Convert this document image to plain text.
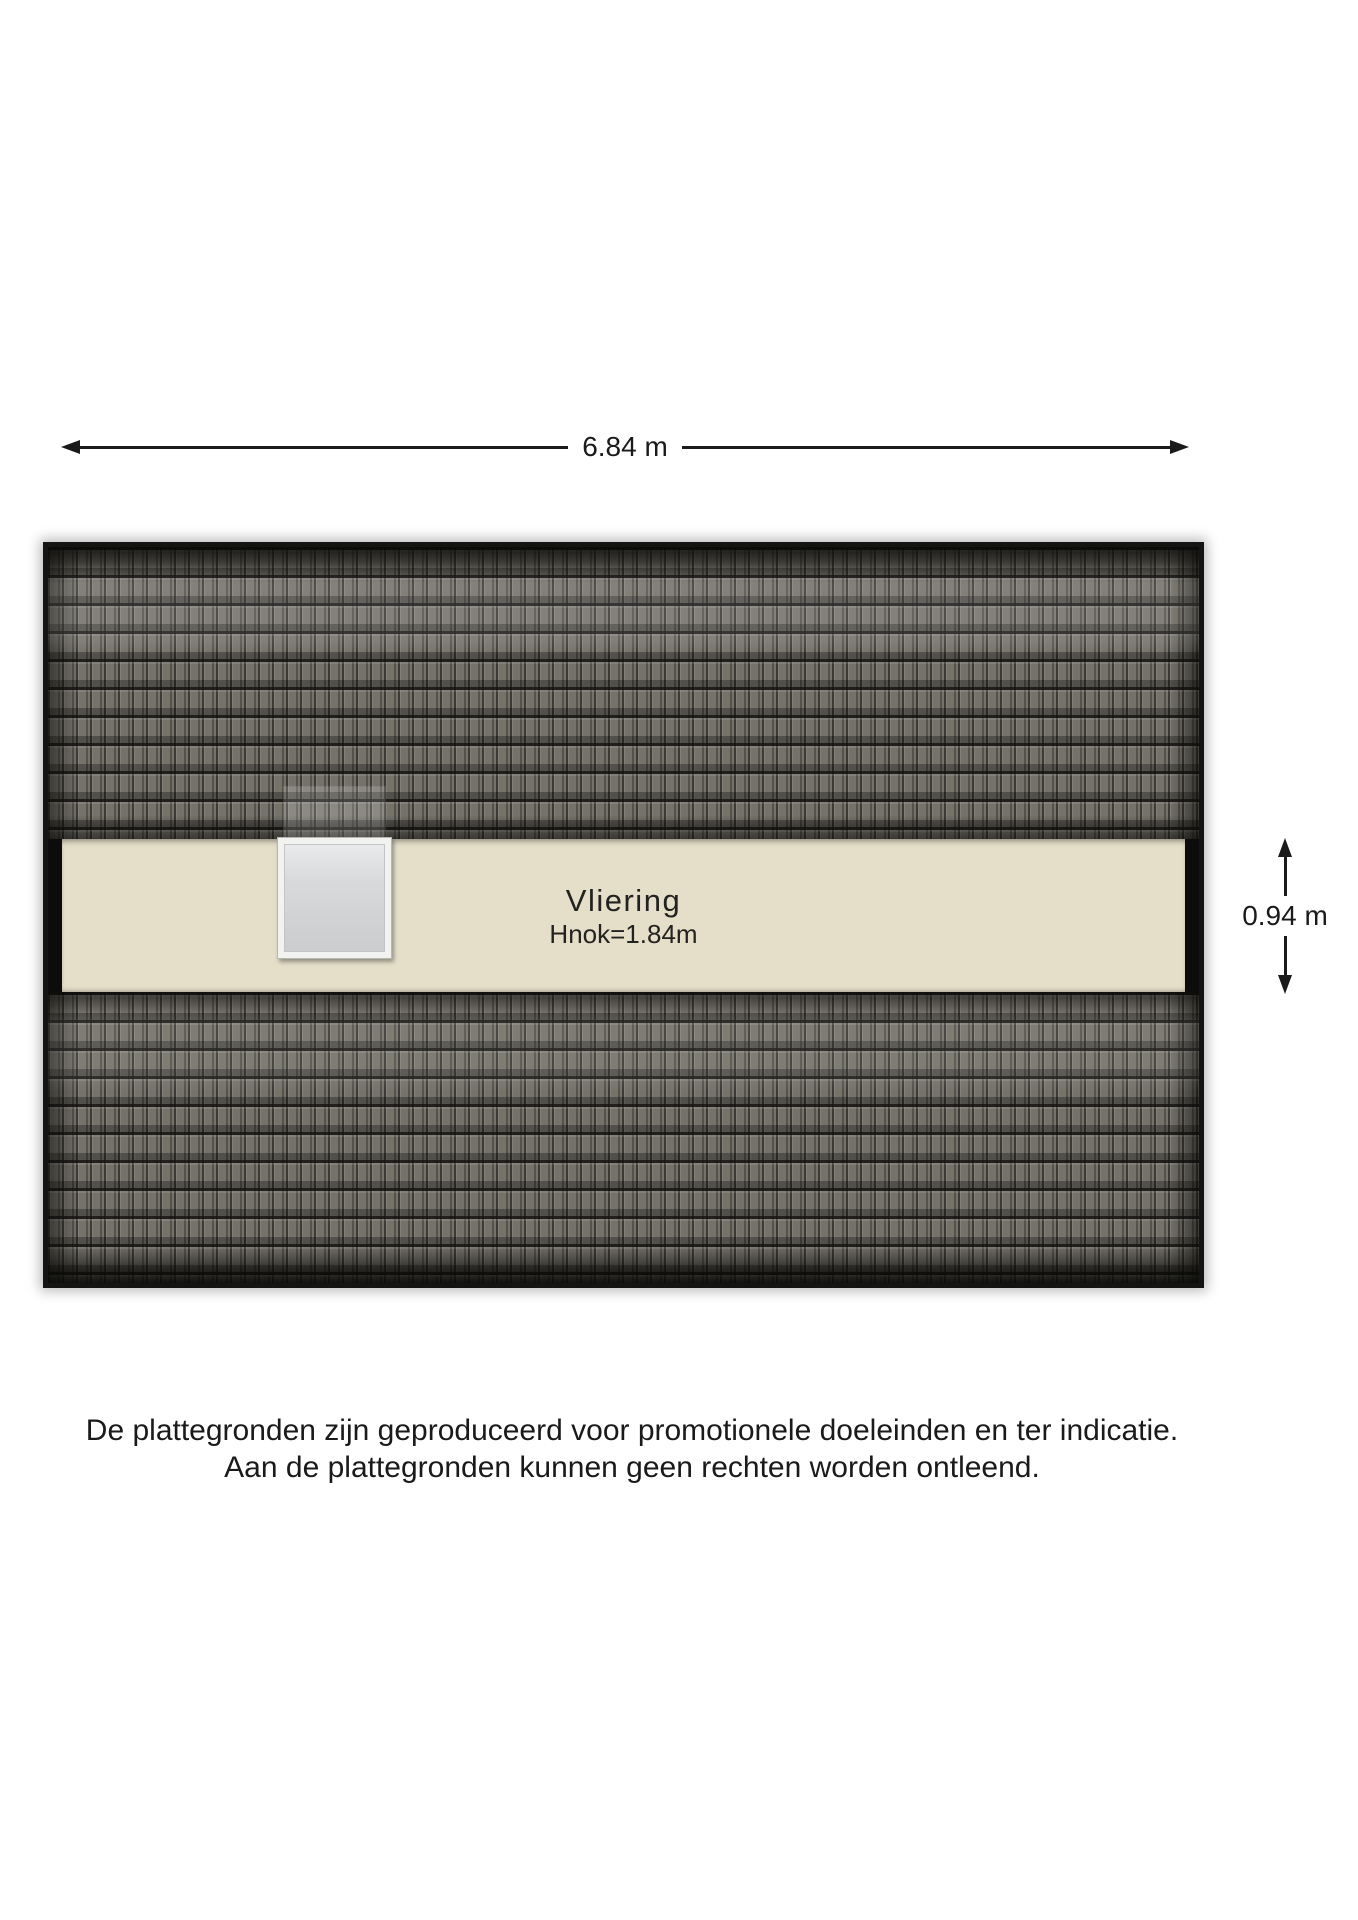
6.84 m
Vliering
Hnok=1.84m
0.94 m
De plattegronden zijn geproduceerd voor promotionele doeleinden en ter indicatie.
Aan de plattegronden kunnen geen rechten worden ontleend.
